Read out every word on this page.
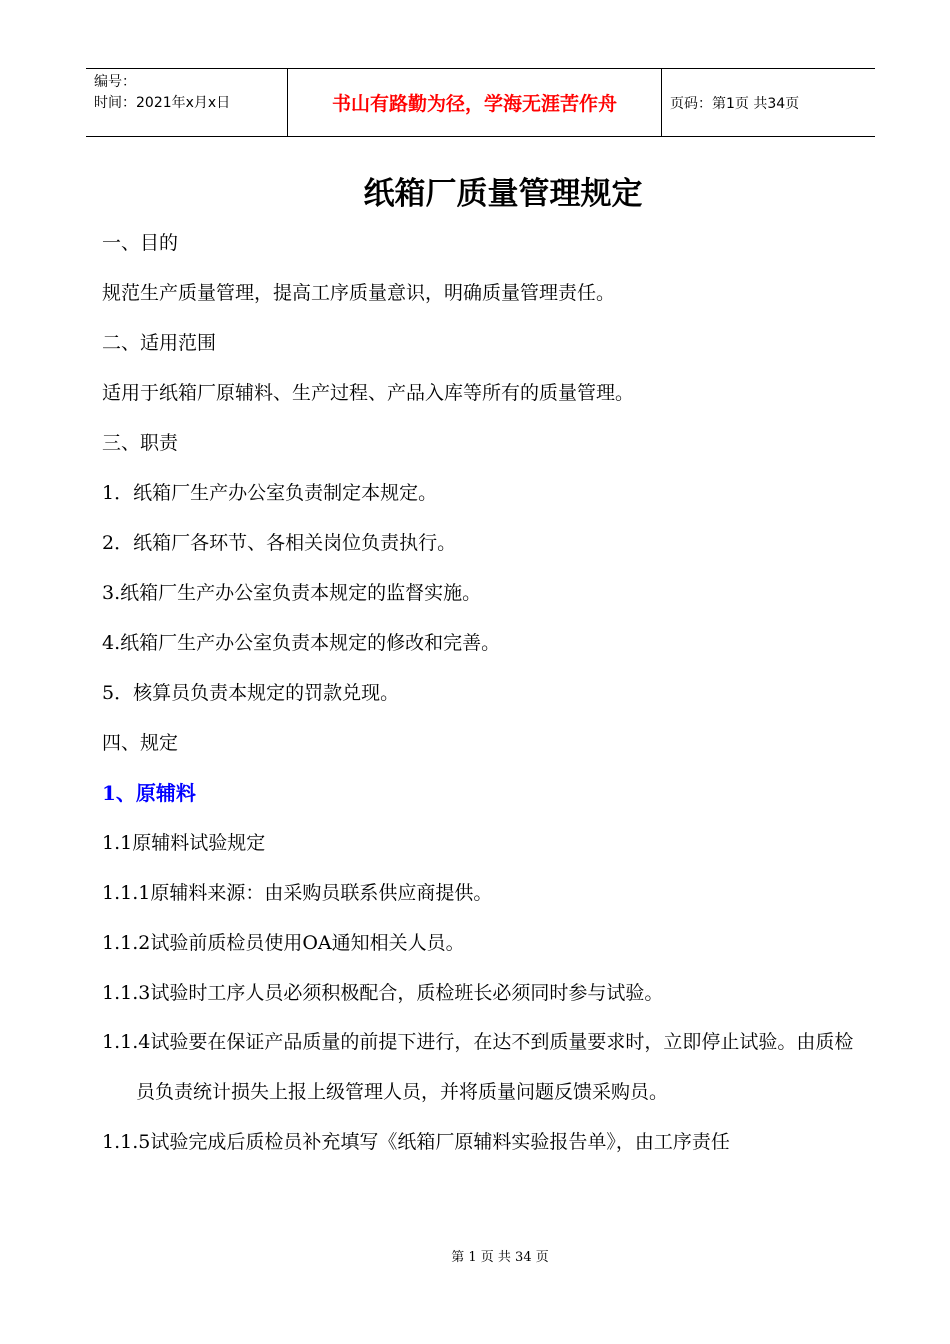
编号：
时间：2021年x月x日	书山有路勤为径，学海无涯苦作舟	页码：第1页 共34页
纸箱厂质量管理规定
一、目的
规范生产质量管理，提高工序质量意识，明确质量管理责任。
二、适用范围
适用于纸箱厂原辅料、生产过程、产品入库等所有的质量管理。
三、职责
1．纸箱厂生产办公室负责制定本规定。
2．纸箱厂各环节、各相关岗位负责执行。
3.纸箱厂生产办公室负责本规定的监督实施。
4.纸箱厂生产办公室负责本规定的修改和完善。
5．核算员负责本规定的罚款兑现。
四、规定
1、原辅料
1.1原辅料试验规定
1.1.1原辅料来源：由采购员联系供应商提供。
1.1.2试验前质检员使用OA通知相关人员。
1.1.3试验时工序人员必须积极配合，质检班长必须同时参与试验。
1.1.4试验要在保证产品质量的前提下进行，在达不到质量要求时，立即停止试验。由质检员负责统计损失上报上级管理人员，并将质量问题反馈采购员。
1.1.5试验完成后质检员补充填写《纸箱厂原辅料实验报告单》，由工序责任
第 1 页 共 34 页
